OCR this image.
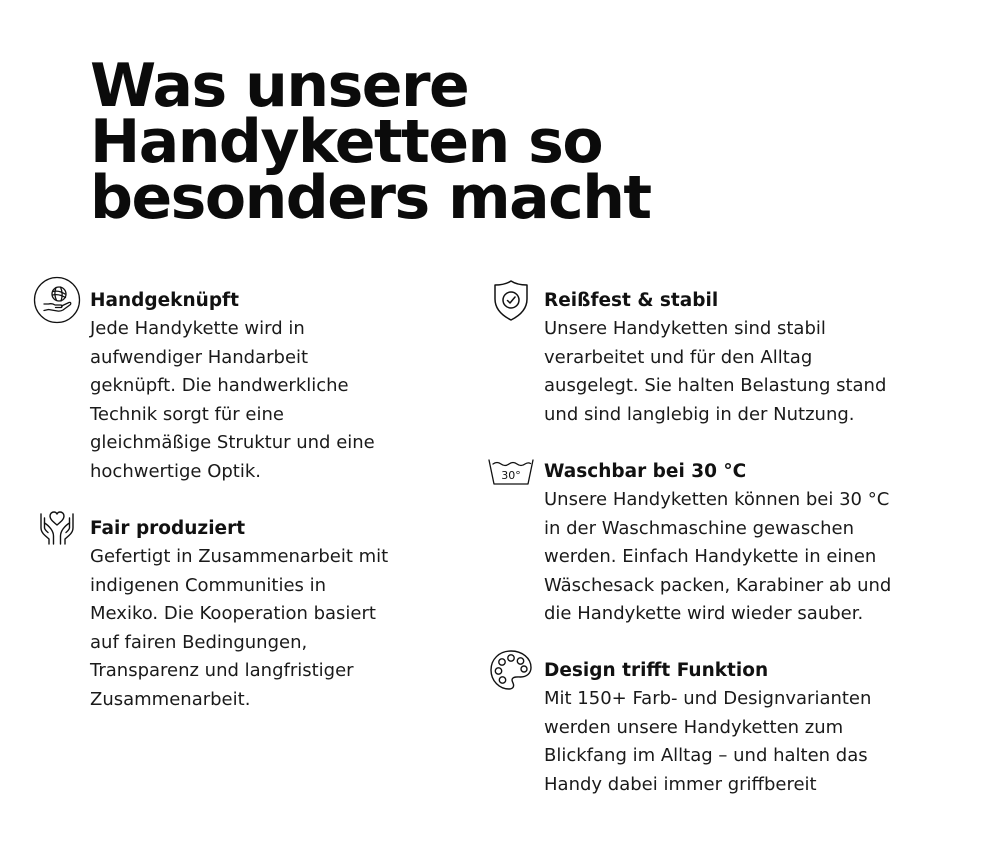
Was unsere
Handyketten so
besonders macht
Handgeknüpft
Jede Handykette wird in
aufwendiger Handarbeit
geknüpft. Die handwerkliche
Technik sorgt für eine
gleichmäßige Struktur und eine
hochwertige Optik.
Fair produziert
Gefertigt in Zusammenarbeit mit
indigenen Communities in
Mexiko. Die Kooperation basiert
auf fairen Bedingungen,
Transparenz und langfristiger
Zusammenarbeit.
Reißfest & stabil
Unsere Handyketten sind stabil
verarbeitet und für den Alltag
ausgelegt. Sie halten Belastung stand
und sind langlebig in der Nutzung.
30° Waschbar bei 30 °C
Unsere Handyketten können bei 30 °C
in der Waschmaschine gewaschen
werden. Einfach Handykette in einen
Wäschesack packen, Karabiner ab und
die Handykette wird wieder sauber.
Design trifft Funktion
Mit 150+ Farb- und Designvarianten
werden unsere Handyketten zum
Blickfang im Alltag – und halten das
Handy dabei immer griffbereit
